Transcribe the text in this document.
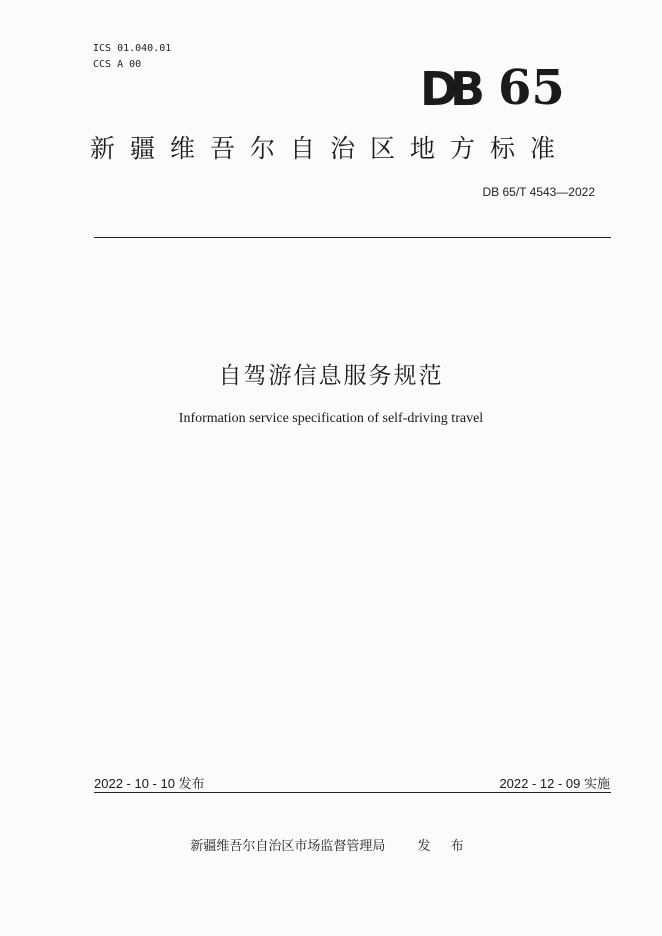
ICS 01.040.01
CCS A 00	D
B 65
新疆维吾尔自治区地方标准
DB 65/T 4543—2022
自驾游信息服务规范
Information service specification of self-driving travel
2022 - 10 - 10 发布	2022 - 12 - 09 实施
新疆维吾尔自治区市场监督管理局 发 布
